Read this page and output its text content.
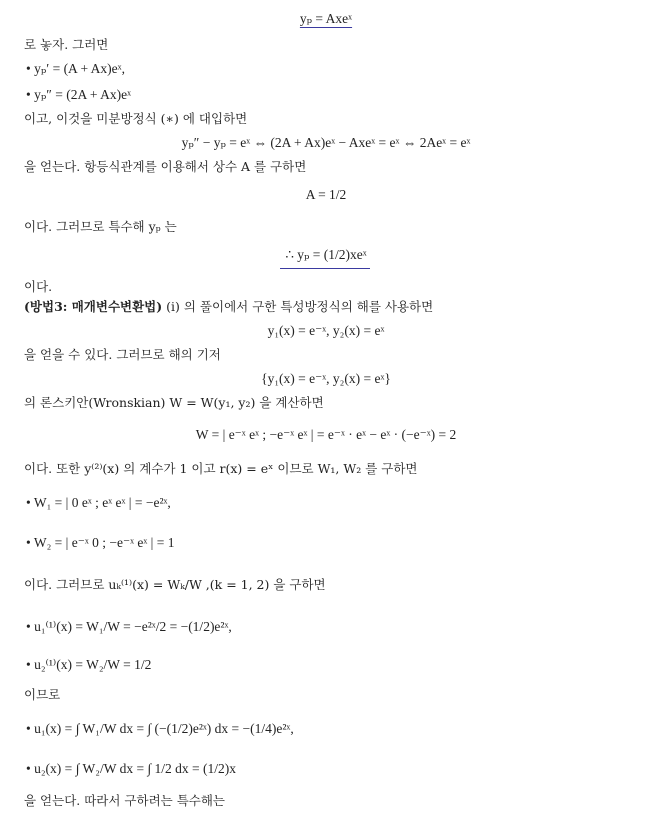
yₚ = Axeˣ
로 놓자. 그러면
• yₚ′ = (A + Ax)eˣ,
• yₚ″ = (2A + Ax)eˣ
이고, 이것을 미분방정식 (∗) 에 대입하면
yₚ″ − yₚ = eˣ ⇔ (2A + Ax)eˣ − Axeˣ = eˣ ⇔ 2Aeˣ = eˣ
을 얻는다. 항등식관계를 이용해서 상수 A 를 구하면
A = 1/2
이다. 그러므로 특수해 yₚ 는
∴ yₚ = (1/2)xeˣ
이다.
(방법3: 매개변수변환법) (i) 의 풀이에서 구한 특성방정식의 해를 사용하면
y₁(x) = e⁻ˣ, y₂(x) = eˣ
을 얻을 수 있다. 그러므로 해의 기저
{y₁(x) = e⁻ˣ, y₂(x) = eˣ}
의 론스키안(Wronskian) W = W(y₁, y₂) 을 계산하면
W = | e⁻ˣ eˣ ; −e⁻ˣ eˣ | = e⁻ˣ · eˣ − eˣ · (−e⁻ˣ) = 2
이다. 또한 y⁽²⁾(x) 의 계수가 1 이고 r(x) = eˣ 이므로 W₁, W₂ 를 구하면
• W₁ = | 0 eˣ ; eˣ eˣ | = −e²ˣ,
• W₂ = | e⁻ˣ 0 ; −e⁻ˣ eˣ | = 1
이다. 그러므로 uₖ⁽¹⁾(x) = Wₖ/W ,(k = 1, 2) 을 구하면
• u₁⁽¹⁾(x) = W₁/W = −e²ˣ/2 = −(1/2)e²ˣ,
• u₂⁽¹⁾(x) = W₂/W = 1/2
이므로
• u₁(x) = ∫ W₁/W dx = ∫ (−(1/2)e²ˣ) dx = −(1/4)e²ˣ,
• u₂(x) = ∫ W₂/W dx = ∫ 1/2 dx = (1/2)x
을 얻는다. 따라서 구하려는 특수해는
